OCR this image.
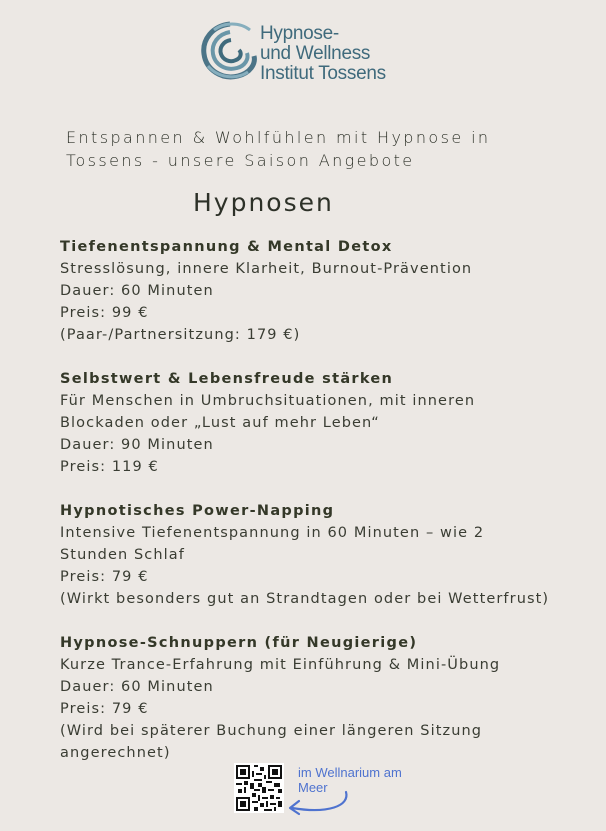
Hypnose-
und Wellness
Institut Tossens
Entspannen & Wohlfühlen mit Hypnose in
Tossens - unsere Saison Angebote
Hypnosen
Tiefenentspannung & Mental Detox
Stresslösung, innere Klarheit, Burnout-Prävention
Dauer: 60 Minuten
Preis: 99 €
(Paar-/Partnersitzung: 179 €)
Selbstwert & Lebensfreude stärken
Für Menschen in Umbruchsituationen, mit inneren
Blockaden oder „Lust auf mehr Leben“
Dauer: 90 Minuten
Preis: 119 €
Hypnotisches Power-Napping
Intensive Tiefenentspannung in 60 Minuten – wie 2
Stunden Schlaf
Preis: 79 €
(Wirkt besonders gut an Strandtagen oder bei Wetterfrust)
Hypnose-Schnuppern (für Neugierige)
Kurze Trance-Erfahrung mit Einführung & Mini-Übung
Dauer: 60 Minuten
Preis: 79 €
(Wird bei späterer Buchung einer längeren Sitzung
angerechnet)
im Wellnarium am
Meer
